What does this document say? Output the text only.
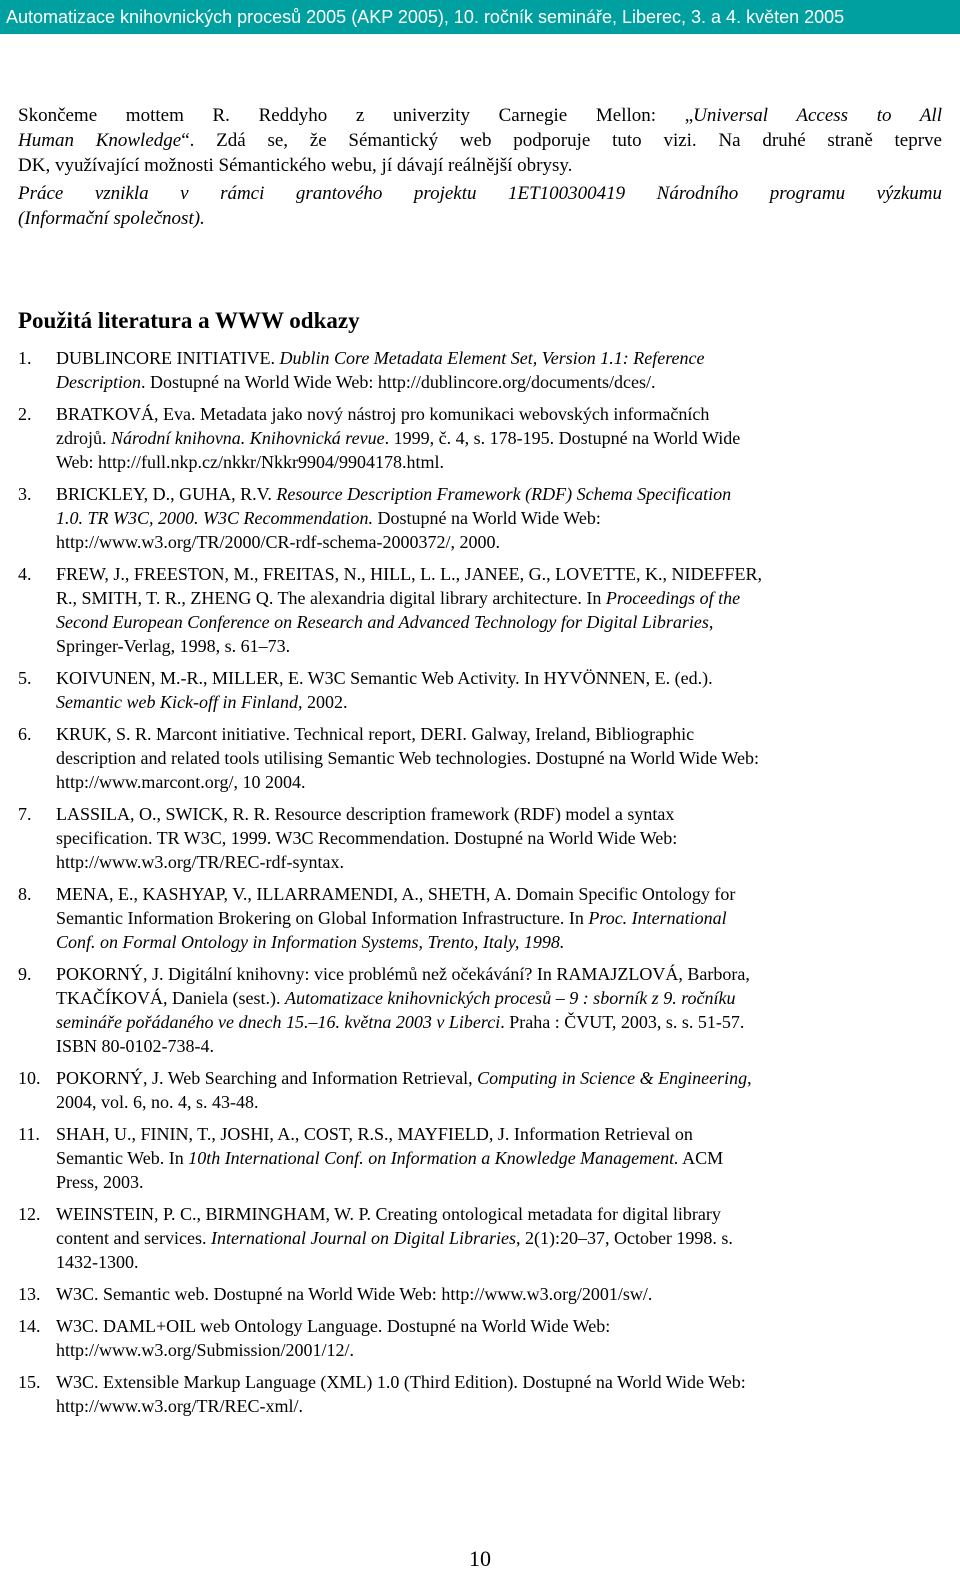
Automatizace knihovnických procesů 2005 (AKP 2005), 10. ročník semináře, Liberec, 3. a 4. květen 2005
Skončeme mottem R. Reddyho z univerzity Carnegie Mellon: „Universal Access to All
Human Knowledge“. Zdá se, že Sémantický web podporuje tuto vizi. Na druhé straně teprve
DK, využívající možnosti Sémantického webu, jí dávají reálnější obrysy.
Práce vznikla v rámci grantového projektu 1ET100300419 Národního programu výzkumu
(Informační společnost).
Použitá literatura a WWW odkazy
1. DUBLINCORE INITIATIVE. Dublin Core Metadata Element Set, Version 1.1: Reference
Description. Dostupné na World Wide Web: http://dublincore.org/documents/dces/.
2. BRATKOVÁ, Eva. Metadata jako nový nástroj pro komunikaci webovských informačních
zdrojů. Národní knihovna. Knihovnická revue. 1999, č. 4, s. 178-195. Dostupné na World Wide
Web: http://full.nkp.cz/nkkr/Nkkr9904/9904178.html.
3. BRICKLEY, D., GUHA, R.V. Resource Description Framework (RDF) Schema Specification
1.0. TR W3C, 2000. W3C Recommendation. Dostupné na World Wide Web:
http://www.w3.org/TR/2000/CR-rdf-schema-2000372/, 2000.
4. FREW, J., FREESTON, M., FREITAS, N., HILL, L. L., JANEE, G., LOVETTE, K., NIDEFFER,
R., SMITH, T. R., ZHENG Q. The alexandria digital library architecture. In Proceedings of the
Second European Conference on Research and Advanced Technology for Digital Libraries,
Springer-Verlag, 1998, s. 61–73.
5. KOIVUNEN, M.-R., MILLER, E. W3C Semantic Web Activity. In HYVÖNNEN, E. (ed.).
Semantic web Kick-off in Finland, 2002.
6. KRUK, S. R. Marcont initiative. Technical report, DERI. Galway, Ireland, Bibliographic
description and related tools utilising Semantic Web technologies. Dostupné na World Wide Web:
http://www.marcont.org/, 10 2004.
7. LASSILA, O., SWICK, R. R. Resource description framework (RDF) model a syntax
specification. TR W3C, 1999. W3C Recommendation. Dostupné na World Wide Web:
http://www.w3.org/TR/REC-rdf-syntax.
8. MENA, E., KASHYAP, V., ILLARRAMENDI, A., SHETH, A. Domain Specific Ontology for
Semantic Information Brokering on Global Information Infrastructure. In Proc. International
Conf. on Formal Ontology in Information Systems, Trento, Italy, 1998.
9. POKORNÝ, J. Digitální knihovny: vice problémů než očekávání? In RAMAJZLOVÁ, Barbora,
TKAČÍKOVÁ, Daniela (sest.). Automatizace knihovnických procesů – 9 : sborník z 9. ročníku
semináře pořádaného ve dnech 15.–16. května 2003 v Liberci. Praha : ČVUT, 2003, s. s. 51-57.
ISBN 80-0102-738-4.
10. POKORNÝ, J. Web Searching and Information Retrieval, Computing in Science & Engineering,
2004, vol. 6, no. 4, s. 43-48.
11. SHAH, U., FININ, T., JOSHI, A., COST, R.S., MAYFIELD, J. Information Retrieval on
Semantic Web. In 10th International Conf. on Information a Knowledge Management. ACM
Press, 2003.
12. WEINSTEIN, P. C., BIRMINGHAM, W. P. Creating ontological metadata for digital library
content and services. International Journal on Digital Libraries, 2(1):20–37, October 1998. s.
1432-1300.
13. W3C. Semantic web. Dostupné na World Wide Web: http://www.w3.org/2001/sw/.
14. W3C. DAML+OIL web Ontology Language. Dostupné na World Wide Web:
http://www.w3.org/Submission/2001/12/.
15. W3C. Extensible Markup Language (XML) 1.0 (Third Edition). Dostupné na World Wide Web:
http://www.w3.org/TR/REC-xml/.
10
